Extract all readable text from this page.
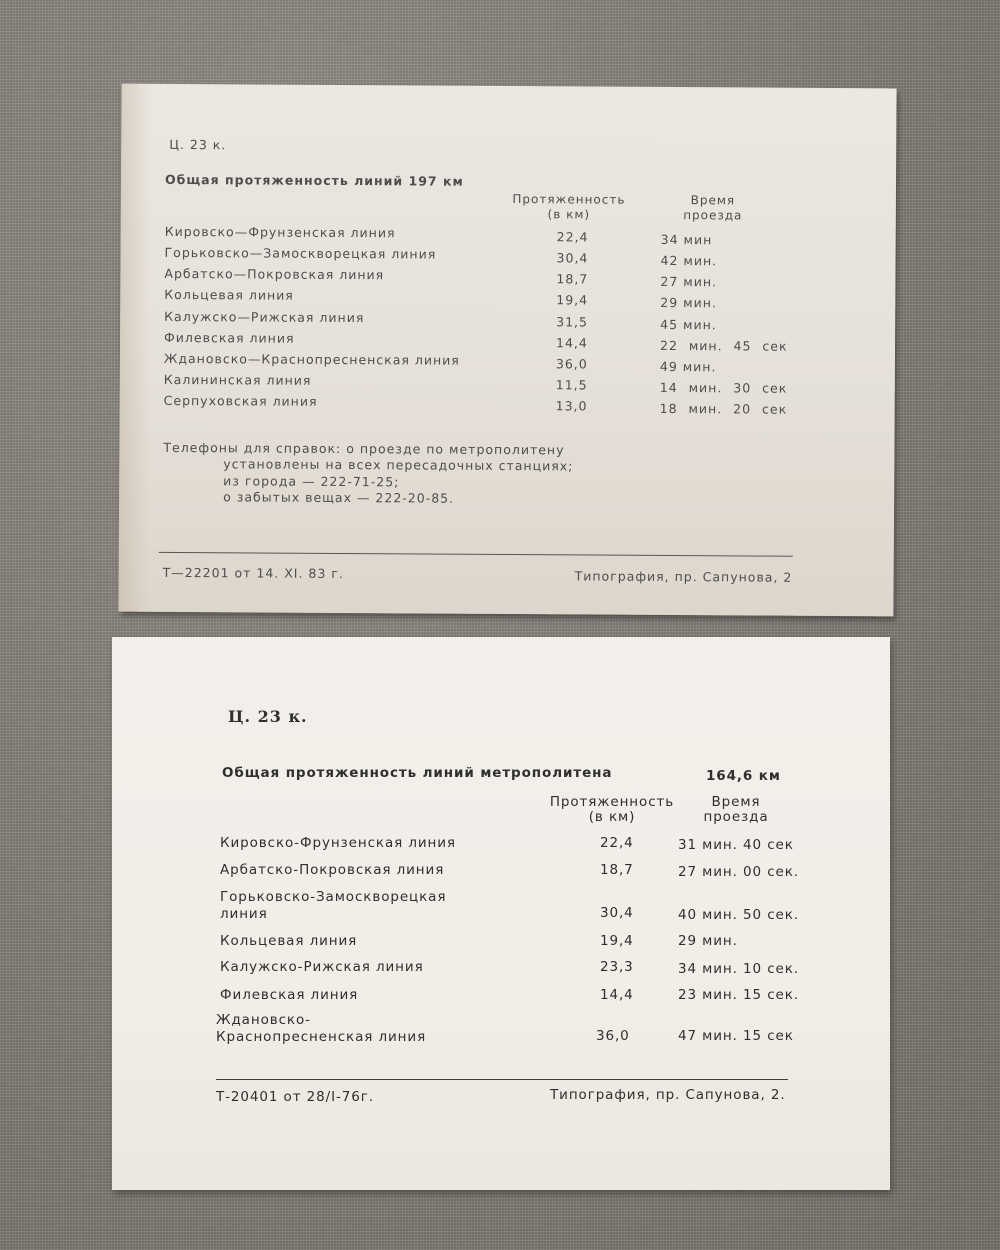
Ц. 23 к.
Общая протяженность линий 197 км
Протяженность (в км)
Время проезда
Кировско—Фрунзенская линия	22,4	34 мин
Горьковско—Замоскворецкая линия	30,4	42 мин.
Арбатско—Покровская линия	18,7	27 мин.
Кольцевая линия	19,4	29 мин.
Калужско—Рижская линия	31,5	45 мин.
Филевская линия	14,4	22 мин. 45 сек
Ждановско—Краснопресненская линия	36,0	49 мин.
Калининская линия	11,5	14 мин. 30 сек
Серпуховская линия	13,0	18 мин. 20 сек
Телефоны для справок: о проезде по метрополитену
установлены на всех пересадочных станциях;
из города — 222-71-25;
о забытых вещах — 222-20-85.
Т—22201 от 14. XI. 83 г.	Типография, пр. Сапунова, 2
Ц. 23 к.
Общая протяженность линий метрополитена	164,6 км
Протяженность (в км)
Время проезда
Кировско-Фрунзенская линия	22,4	31 мин. 40 сек
Арбатско-Покровская линия	18,7	27 мин. 00 сек.
Горьковско-Замоскворецкая линия	30,4	40 мин. 50 сек.
Кольцевая линия	19,4	29 мин.
Калужско-Рижская линия	23,3	34 мин. 10 сек.
Филевская линия	14,4	23 мин. 15 сек.
Ждановско-Краснопресненская линия	36,0	47 мин. 15 сек
Т-20401 от 28/I-76г.	Типография, пр. Сапунова, 2.
